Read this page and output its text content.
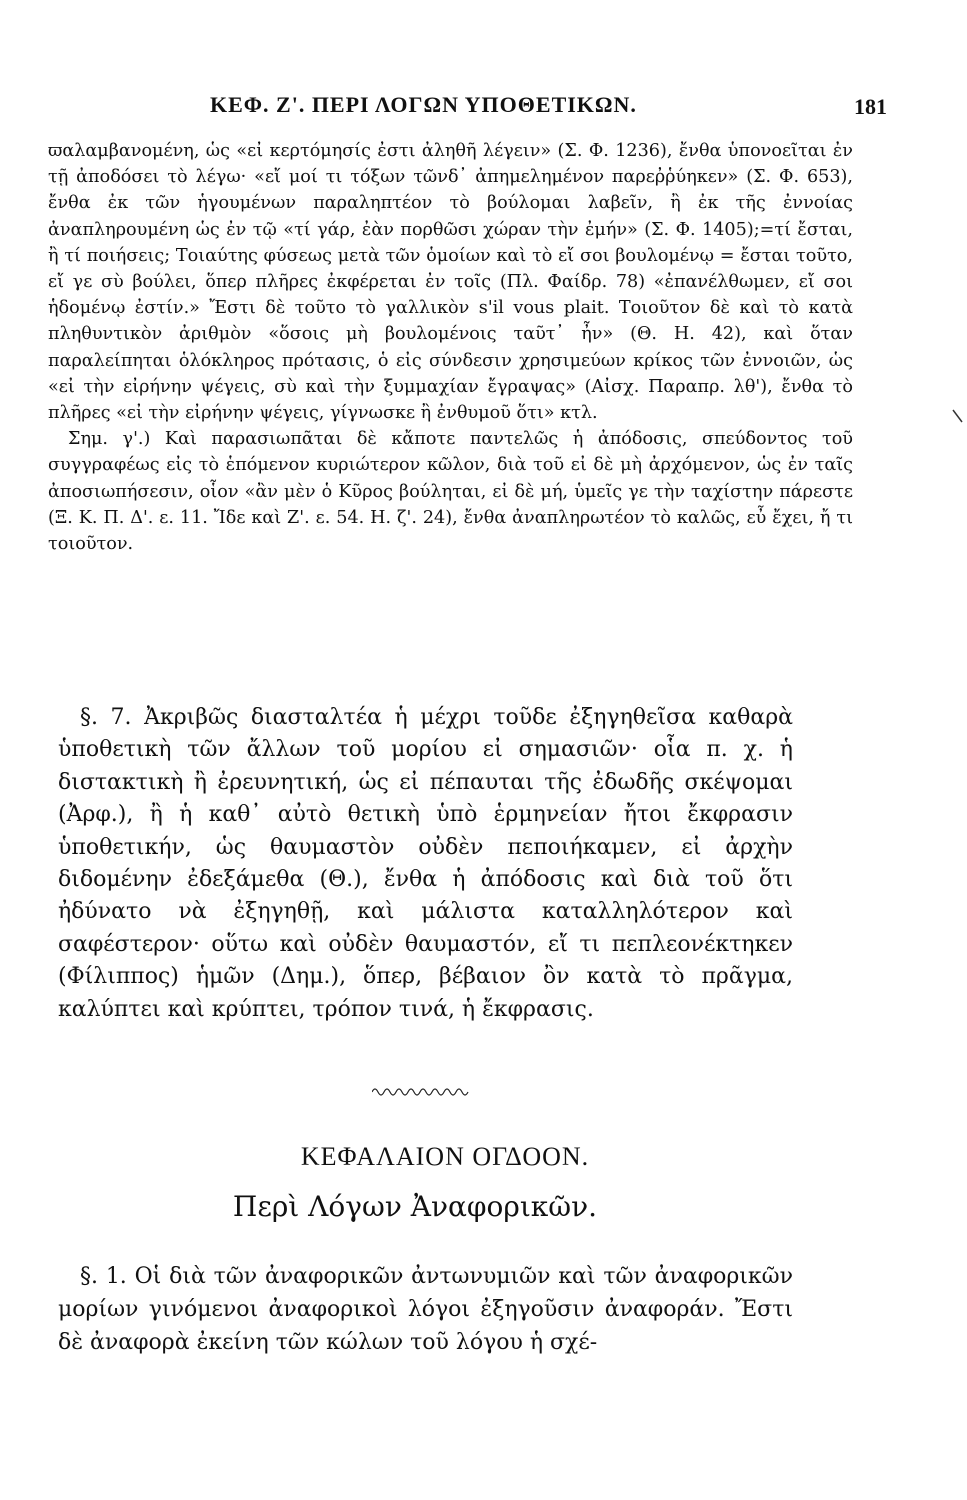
ΚΕΦ. Ζ'. ΠΕΡΙ ΛΟΓΩΝ ΥΠΟΘΕΤΙΚΩΝ.	181

ϖαλαμβανομένη, ὡς «εἰ κερτόμησίς ἐστι ἀληθῆ λέγειν» (Σ. Φ. 1236), ἔνθα ὑπονοεῖται ἐν τῇ ἀποδόσει τὸ λέγω· «εἴ μοί τι τόξων τῶνδ᾽ ἀπημελημένον παρεῤῥύηκεν» (Σ. Φ. 653), ἔνθα ἐκ τῶν ἡγουμένων παραληπτέον τὸ βούλομαι λαβεῖν, ἢ ἐκ τῆς ἐννοίας ἀναπληρουμένη ὡς ἐν τῷ «τί γάρ, ἐὰν πορθῶσι χώραν τὴν ἐμήν» (Σ. Φ. 1405);=τί ἔσται, ἢ τί ποιήσεις; Τοιαύτης φύσεως μετὰ τῶν ὁμοίων καὶ τὸ εἴ σοι βουλομένῳ = ἔσται τοῦτο, εἴ γε σὺ βούλει, ὅπερ πλῆρες ἐκφέρεται ἐν τοῖς (Πλ. Φαίδρ. 78) «ἐπανέλθωμεν, εἴ σοι ἡδομένῳ ἐστίν.» Ἔστι δὲ τοῦτο τὸ γαλλικὸν s'il vous plait. Τοιοῦτον δὲ καὶ τὸ κατὰ πληθυντικὸν ἀριθμὸν «ὅσοις μὴ βουλομένοις ταῦτ᾽ ἦν» (Θ. Η. 42), καὶ ὅταν παραλείπηται ὁλόκληρος πρότασις, ὁ εἰς σύνδεσιν χρησιμεύων κρίκος τῶν ἐννοιῶν, ὡς «εἰ τὴν εἰρήνην ψέγεις, σὺ καὶ τὴν ξυμμαχίαν ἔγραψας» (Αἰσχ. Παραπρ. λθ'), ἔνθα τὸ πλῆρες «εἰ τὴν εἰρήνην ψέγεις, γίγνωσκε ἢ ἐνθυμοῦ ὅτι» κτλ.

Σημ. γ'.) Καὶ παρασιωπᾶται δὲ κἄποτε παντελῶς ἡ ἀπόδοσις, σπεύδοντος τοῦ συγγραφέως εἰς τὸ ἑπόμενον κυριώτερον κῶλον, διὰ τοῦ εἰ δὲ μὴ ἀρχόμενον, ὡς ἐν ταῖς ἀποσιωπήσεσιν, οἷον «ἂν μὲν ὁ Κῦρος βούληται, εἰ δὲ μή, ὑμεῖς γε τὴν ταχίστην πάρεστε (Ξ. Κ. Π. Δ'. ε. 11. Ἴδε καὶ Ζ'. ε. 54. Η. ζ'. 24), ἔνθα ἀναπληρωτέον τὸ καλῶς, εὖ ἔχει, ἤ τι τοιοῦτον.

§. 7. Ἀκριβῶς διασταλτέα ἡ μέχρι τοῦδε ἐξηγηθεῖσα καθαρὰ ὑποθετικὴ τῶν ἄλλων τοῦ μορίου εἰ σημασιῶν· οἷα π. χ. ἡ διστακτικὴ ἢ ἐρευνητική, ὡς εἰ πέπαυται τῆς ἐδωδῆς σκέψομαι (Ἀρφ.), ἢ ἡ καθ᾽ αὐτὸ θετικὴ ὑπὸ ἑρμηνείαν ἤτοι ἔκφρασιν ὑποθετικήν, ὡς θαυμαστὸν οὐδὲν πεποιήκαμεν, εἰ ἀρχὴν διδομένην ἐδεξάμεθα (Θ.), ἔνθα ἡ ἀπόδοσις καὶ διὰ τοῦ ὅτι ἠδύνατο νὰ ἐξηγηθῇ, καὶ μάλιστα καταλληλότερον καὶ σαφέστερον· οὕτω καὶ οὐδὲν θαυμαστόν, εἴ τι πεπλεονέκτηκεν (Φίλιππος) ἡμῶν (Δημ.), ὅπερ, βέβαιον ὂν κατὰ τὸ πρᾶγμα, καλύπτει καὶ κρύπτει, τρόπον τινά, ἡ ἔκφρασις.

ΚΕΦΑΛΑΙΟΝ ΟΓΔΟΟΝ.
Περὶ Λόγων Ἀναφορικῶν.

§. 1. Οἱ διὰ τῶν ἀναφορικῶν ἀντωνυμιῶν καὶ τῶν ἀναφορικῶν μορίων γινόμενοι ἀναφορικοὶ λόγοι ἐξηγοῦσιν ἀναφοράν. Ἔστι δὲ ἀναφορὰ ἐκείνη τῶν κώλων τοῦ λόγου ἡ σχέ-
